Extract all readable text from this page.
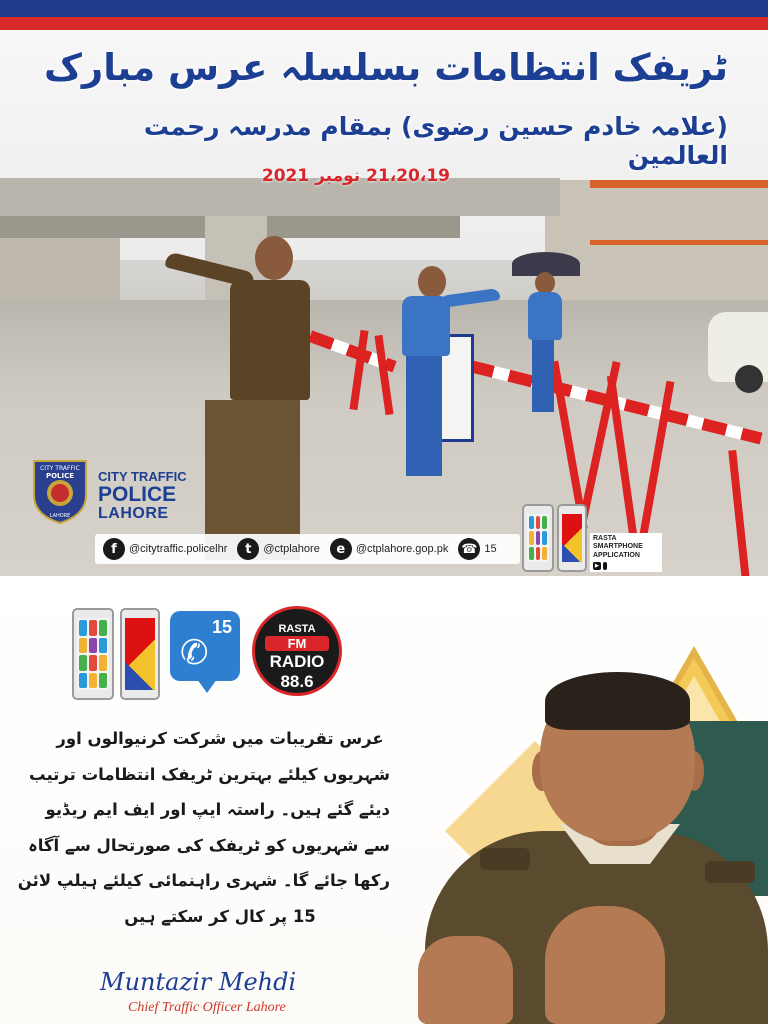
ٹریفک انتظامات بسلسلہ عرس مبارک
(علامہ خادم حسین رضوی) بمقام مدرسہ رحمت العالمین
21،20،19 نومبر 2021
CITY TRAFFIC
POLICE
LAHORE
CITY TRAFFIC
POLICE
LAHORE
f	@citytraffic.policelhr	t	@ctplahore	e @ctplahore.gop.pk ☎ 15
RASTA SMARTPHONE
APPLICATION
▶
15
✆
RASTA
FM
RADIO 88.6
عرس تقریبات میں شرکت کرنیوالوں اور
شہریوں کیلئے بہترین ٹریفک انتظامات ترتیب
دیئے گئے ہیں۔ راستہ ایپ اور ایف ایم ریڈیو
سے شہریوں کو ٹریفک کی صورتحال سے آگاہ
رکھا جائے گا۔ شہری راہنمائی کیلئے ہیلپ لائن
15 پر کال کر سکتے ہیں
Muntazir Mehdi
Chief Traffic Officer Lahore
